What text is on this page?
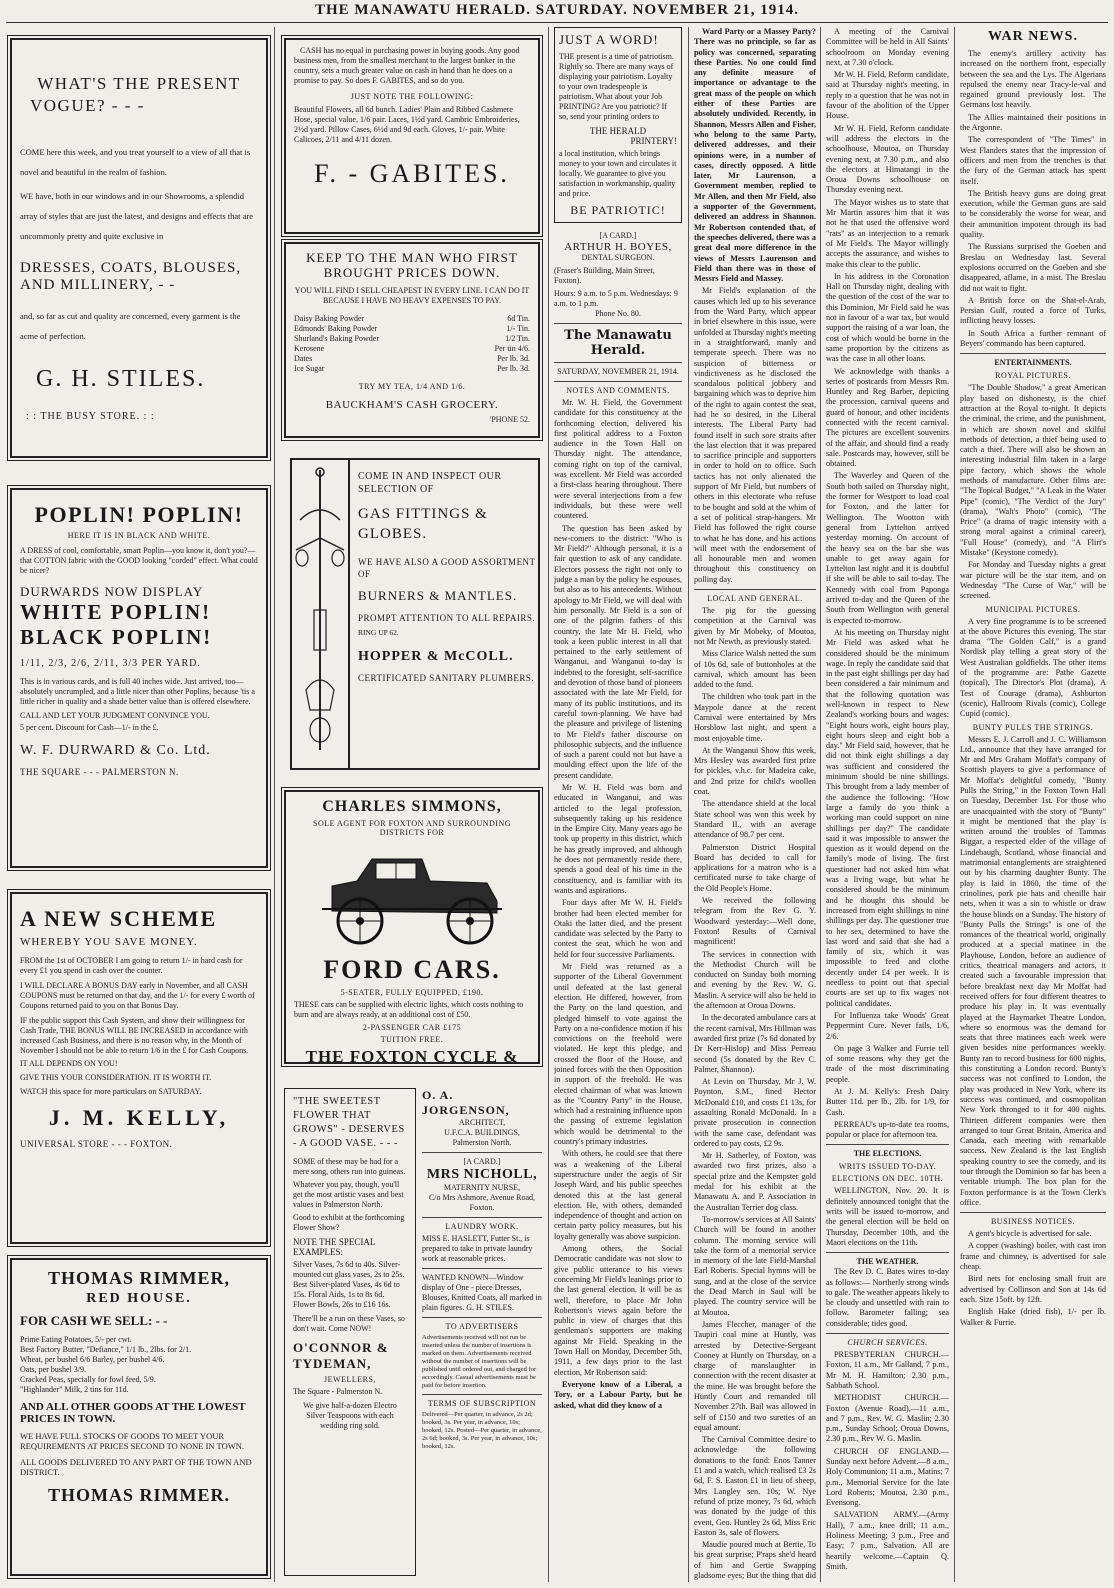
THE MANAWATU HERALD. SATURDAY. NOVEMBER 21, 1914.
WHAT'S THE PRESENT
VOGUE? - - -

COME here this week, and you treat yourself to a view of all that is novel and beautiful in the realm of fashion.

WE have, both in our windows and in our Showrooms, a splendid array of styles that are just the latest, and designs and effects that are uncommonly pretty and quite exclusive in

DRESSES, COATS, BLOUSES, AND MILLINERY, - -

and, so far as cut and quality are concerned, every garment is the acme of perfection.

G. H. STILES.
: : THE BUSY STORE. : :
POPLIN! POPLIN!
HERE IT IS IN BLACK AND WHITE.

A DRESS of cool, comfortable, smart Poplin—you know it, don't you?—that COTTON fabric with the GOOD looking "corded" effect. What could be nicer?

DURWARDS NOW DISPLAY
WHITE POPLIN!
BLACK POPLIN!
1/11, 2/3, 2/6, 2/11, 3/3 PER YARD.

This is in various cards, and is full 40 inches wide. Just arrived, too—absolutely uncrumpled, and a little nicer than other Poplins, because 'tis a little richer in quality and a shade better value than is offered elsewhere.

CALL AND LET YOUR JUDGMENT CONVINCE YOU.

5 per cent. Discount for Cash—1/- in the £.

W. F. DURWARD & Co. Ltd.
THE SQUARE - - - PALMERSTON N.
A NEW SCHEME
WHEREBY YOU SAVE MONEY.

FROM the 1st of OCTOBER I am going to return 1/- in hard cash for every £1 you spend in cash over the counter.

I WILL DECLARE A BONUS DAY early in November, and all CASH COUPONS must be returned on that day, and the 1/- for every £ worth of Coupons returned paid to you on that Bonus Day.

IF the public support this Cash System, and show their willingness for Cash Trade, THE BONUS WILL BE INCREASED in accordance with increased Cash Business, and there is no reason why, in the Month of November I should not be able to return 1/6 in the £ for Cash Coupons.

IT ALL DEPENDS ON YOU!

GIVE THIS YOUR CONSIDERATION. IT IS WORTH IT.

WATCH this space for more particulars on SATURDAY.

J. M. KELLY,
UNIVERSAL STORE - - - FOXTON.
THOMAS RIMMER,
RED HOUSE.
FOR CASH WE SELL: - -
Prime Eating Potatoes, 5/- per cwt.
Best Factory Butter, "Defiance," 1/1 lb., 2lbs. for 2/1.
Wheat, per bushel 6/6 Barley, per bushel 4/6.
Oats, per bushel 3/9.
Cracked Peas, specially for fowl feed, 5/9.
"Highlander" Milk, 2 tins for 11d.
AND ALL OTHER GOODS AT THE LOWEST PRICES IN TOWN.
WE HAVE FULL STOCKS OF GOODS TO MEET YOUR REQUIREMENTS AT PRICES SECOND TO NONE IN TOWN.
ALL GOODS DELIVERED TO ANY PART OF THE TOWN AND DISTRICT.
THOMAS RIMMER.

CASH has no equal in purchasing power in buying goods. Any good business men, from the smallest merchant to the largest banker in the country, sets a much greater value on cash in hand than he does on a promise to pay. So does F. GABITES, and so do you.

JUST NOTE THE FOLLOWING:

Beautiful Flowers, all 6d bunch. Ladies' Plain and Ribbed Cashmere Hose, special value, 1/6 pair. Laces, 1½d yard. Cambric Embroideries, 2½d yard. Pillow Cases, 6½d and 9d each. Gloves, 1/- pair. White Calicoes, 2/11 and 4/11 dozen.

F. - GABITES.
KEEP TO THE MAN WHO FIRST BROUGHT PRICES DOWN.

YOU WILL FIND I SELL CHEAPEST IN EVERY LINE. I CAN DO IT BECAUSE I HAVE NO HEAVY EXPENSES TO PAY.

Daisy Baking Powder	6d Tin.
Edmonds' Baking Powder	1/- Tin.
Shurland's Baking Powder	1/2 Tin.
Kerosene	Per tin 4/6.
Dates	Per lb. 3d.
Ice Sugar	Per lb. 3d.
TRY MY TEA, 1/4 AND 1/6.
BAUCKHAM'S CASH GROCERY.
'PHONE 52.
COME IN AND INSPECT OUR SELECTION OF
GAS FITTINGS & GLOBES.
WE HAVE ALSO A GOOD ASSORTMENT OF
BURNERS & MANTLES.
PROMPT ATTENTION TO ALL REPAIRS.
RING UP 62.
HOPPER & McCOLL.
CERTIFICATED SANITARY PLUMBERS.
CHARLES SIMMONS,
SOLE AGENT FOR FOXTON AND SURROUNDING DISTRICTS FOR
FORD CARS.
5-SEATER, FULLY EQUIPPED, £190.

THESE cars can be supplied with electric lights, which costs nothing to burn and are always ready, at an additional cost of £50.

2-PASSENGER CAR £175
TUITION FREE.
THE FOXTON CYCLE &

"THE SWEETEST FLOWER THAT GROWS" - DESERVES - A GOOD VASE. - - -

SOME of these may be had for a mere song, others run into guineas.

Whatever you pay, though, you'll get the most artistic vases and best values in Palmerston North.

Good to exhibit at the forthcoming Flower Show?

NOTE THE SPECIAL EXAMPLES:

Silver Vases, 7s 6d to 40s. Silver-mounted cut glass vases, 2s to 25s. Best Silver-plated Vases, 4s 6d to 15s. Floral Aids, 1s to 8s 6d. Flower Bowls, 26s to £16 16s.

There'll be a run on these Vases, so don't wait. Come NOW!

O'CONNOR & TYDEMAN,
JEWELLERS,
The Square - Palmerston N.

We give half-a-dozen Electro Silver Teaspoons with each wedding ring sold.

O. A. JORGENSON,
ARCHITECT,
U.F.C.A. BUILDINGS,
Palmerston North.
[A CARD.]
MRS NICHOLL,
MATERNITY NURSE,
C/o Mrs Ashmore, Avenue Road, Foxton.
LAUNDRY WORK.

MISS E. HASLETT, Futter St., is prepared to take in private laundry work at reasonable prices.

WANTED KNOWN—Window display of One - piece Dresses, Blouses, Knitted Coats, all marked in plain figures. G. H. STILES.

TO ADVERTISERS

Advertisements received will not run be inserted unless the number of insertions is marked on them. Advertisements received without the number of insertions will be published until ordered out, and charged for accordingly. Casual advertisements must be paid for before insertion.

TERMS OF SUBSCRIPTION

Delivered—Per quarter, in advance, 2s 2d; booked, 3s. Per year, in advance, 10s; booked, 12s. Posted—Per quarter, in advance, 2s 6d; booked, 3s. Per year, in advance, 10s; booked, 12s.

JUST A WORD!

THE present is a time of patriotism. Rightly so. There are many ways of displaying your patriotism. Loyalty to your own tradespeople is patriotism. What about your Job PRINTING? Are you patriotic? If so, send your printing orders to

THE HERALD
PRINTERY!

a local institution, which brings money to your town and circulates it locally. We guarantee to give you satisfaction in workmanship, quality and price.

BE PATRIOTIC!
[A CARD.]
ARTHUR H. BOYES,
DENTAL SURGEON.
(Fraser's Building, Main Street, Foxton).
Hours: 9 a.m. to 5 p.m. Wednesdays: 9 a.m. to 1 p.m.
Phone No. 80.
The Manawatu Herald.
SATURDAY, NOVEMBER 21, 1914.
NOTES AND COMMENTS.

Mr. W. H. Field, the Government candidate for this constituency at the forthcoming election, delivered his first political address to a Foxton audience in the Town Hall on Thursday night. The attendance, coming right on top of the carnival, was excellent. Mr Field was accorded a first-class hearing throughout. There were several interjections from a few individuals, but these were well countered.

The question has been asked by new-comers to the district: "Who is Mr Field?" Although personal, it is a fair question to ask of any candidate. Electors possess the right not only to judge a man by the policy he espouses, but also as to his antecedents. Without apology to Mr Field, we will deal with him personally. Mr Field is a son of one of the pilgrim fathers of this country, the late Mr H. Field, who took a keen public interest in all that pertained to the early settlement of Wanganui, and Wanganui to-day is indebted to the foresight, self-sacrifice and devotion of those band of pioneers associated with the late Mr Field, for many of its public institutions, and its careful town-planning. We have had the pleasure and privilege of listening to Mr Field's father discourse on philosophic subjects, and the influence of such a parent could not but have a moulding effect upon the life of the present candidate.

Mr W. H. Field was born and educated in Wanganui, and was articled to the legal profession, subsequently taking up his residence in the Empire City. Many years ago he took up property in this district, which he has greatly improved, and although he does not permanently reside there, spends a good deal of his time in the constituency, and is familiar with its wants and aspirations.

Four days after Mr W. H. Field's brother had been elected member for Otaki the latter died, and the present candidate was selected by the Party to contest the seat, which he won and held for four successive Parliaments.

Mr Field was returned as a supporter of the Liberal Government until defeated at the last general election. He differed, however, from the Party on the land question, and pledged himself to vote against the Party on a no-confidence motion if his convictions on the freehold were violated. He kept this pledge, and crossed the floor of the House, and joined forces with the then Opposition in support of the freehold. He was elected chairman of what was known as the "Country Party" in the House, which had a restraining influence upon the passing of extreme legislation which would be detrimental to the country's primary industries.

With others, he could see that there was a weakening of the Liberal superstructure under the aegis of Sir Joseph Ward, and his public speeches denoted this at the last general election. He, with others, demanded independence of thought and action on certain party policy measures, but his loyalty generally was above suspicion.

Among others, the Social Democratic candidate was not slow to give public utterance to his views concerning Mr Field's leanings prior to the last general election. It will be as well, therefore, to place Mr John Robertson's views again before the public in view of charges that this gentleman's supporters are making against Mr Field. Speaking in the Town Hall on Monday, December 5th, 1911, a few days prior to the last election, Mr Robertson said:

Everyone know of a Liberal, a Tory, or a Labour Party, but he asked, what did they know of a

Ward Party or a Massey Party? There was no principle, so far as policy was concerned, separating these Parties. No one could find any definite measure of importance or advantage to the great mass of the people on which either of these Parties are absolutely undivided. Recently, in Shannon, Messrs Allen and Fisher, who belong to the same Party, delivered addresses, and their opinions were, in a number of cases, directly opposed. A little later, Mr Laurenson, a Government member, replied to Mr Allen, and then Mr Field, also a supporter of the Government, delivered an address in Shannon. Mr Robertson contended that, of the speeches delivered, there was a great deal more difference in the views of Messrs Laurenson and Field than there was in those of Messrs Field and Massey.

Mr Field's explanation of the causes which led up to his severance from the Ward Party, which appear in brief elsewhere in this issue, were unfolded at Thursday night's meeting in a straightforward, manly and temperate speech. There was no suspicion of bitterness or vindictiveness as he disclosed the scandalous political jobbery and bargaining which was to deprive him of the right to again contest the seat, had he so desired, in the Liberal interests. The Liberal Party had found itself in such sore straits after the last election that it was prepared to sacrifice principle and supporters in order to hold on to office. Such tactics has not only alienated the support of Mr Field, but numbers of others in this electorate who refuse to be bought and sold at the whim of a set of political strap-hangers. Mr Field has followed the right course to what he has done, and his actions will meet with the endorsement of all honourable men and women throughout this constituency on polling day.

LOCAL AND GENERAL.

The pig for the guessing competition at the Carnival was given by Mr Mobeky, of Moutoa, not Mr Newth, as previously stated.

Miss Clarice Walsh netted the sum of 10s 6d, sale of buttonholes at the carnival, which amount has been added to the fund.

The children who took part in the Maypole dance at the recent Carnival were entertained by Mrs Horsblow last night, and spent a most enjoyable time.

At the Wanganui Show this week, Mrs Hesley was awarded first prize for pickles, v.h.c. for Madeira cake, and 2nd prize for child's woollen coat.

The attendance shield at the local State school was won this week by Standard II., with an average attendance of 98.7 per cent.

Palmerston District Hospital Board has decided to call for applications for a matron who is a certificated nurse to take charge of the Old People's Home.

We received the following telegram from the Rev G. Y. Woodward yesterday:—Well done, Foxton! Results of Carnival magnificent!

The services in connection with the Methodist Church will be conducted on Sunday both morning and evening by the Rev. W. G. Maslin. A service will also be held in the afternoon at Oroua Downs.

In the decorated ambulance cars at the recent carnival, Mrs Hillman was awarded first prize (7s 6d donated by Dr Kerr-Hislop) and Miss Perreau second (5s donated by the Rev C. Palmer, Shannon).

At Levin on Thursday, Mr J. W. Poynton, S.M., fined Hector McDonald £10, and costs £1 13s, for assaulting Ronald McDonald. In a private prosecution in connection with the same case, defendant was ordered to pay costs, £2 9s.

Mr H. Satherley, of Foxton, was awarded two first prizes, also a special prize and the Kempster gold medal for his exhibit at the Manawatu A. and P. Association in the Australian Terrier dog class.

To-morrow's services at All Saints' Church will be found in another column. The morning service will take the form of a memorial service in memory of the late Field-Marshal Earl Roberts. Special hymns will be sung, and at the close of the service the Dead March in Saul will be played. The country service will be at Moutoa.

James Fleccher, manager of the Taupiri coal mine at Huntly, was arrested by Detective-Sergeant Cooney at Huntly on Thursday, on a charge of manslaughter in connection with the recent disaster at the mine. He was brought before the Huntly Court and remanded till November 27th. Bail was allowed in self of £150 and two sureties of an equal amount.

The Carnival Committee desire to acknowledge the following donations to the fund: Enos Tanner £1 and a watch, which realised £3 2s 6d, F. S. Easton £1 in lieu of sheep, Mrs Langley sen. 10s; W. Nye refund of prize money, 7s 6d, which was donated by the judge of this event, Geo. Huntley 2s 6d, Miss Eric Easton 3s, sale of flowers.

Maudie poured much at Bertie, To his great surprise; P'raps she'd heard of him and Gertie Swapping gladsome eyes; But the thing that did

A meeting of the Carnival Committee will be held in All Saints' schoolroom on Monday evening next, at 7.30 o'clock.

Mr W. H. Field, Reform candidate, said at Thursday night's meeting, in reply to a question that he was not in favour of the abolition of the Upper House.

Mr W. H. Field, Reform candidate will address the electors in the schoolhouse, Moutoa, on Thursday evening next, at 7.30 p.m., and also the electors at Himatangi in the Oroua Downs schoolhouse on Thursday evening next.

The Mayor wishes us to state that Mr Martin assures him that it was not he that used the offensive word "rats" as an interjection to a remark of Mr Field's. The Mayor willingly accepts the assurance, and wishes to make this clear to the public.

In his address in the Coronation Hall on Thursday night, dealing with the question of the cost of the war to this Dominion, Mr Field said he was not in favour of a war tax, but would support the raising of a war loan, the cost of which would be borne in the same proportion by the citizens as was the case in all other loans.

We acknowledge with thanks a series of postcards from Messrs Rm. Huntley and Reg Barber, depicting the procession, carnival queens and guard of honour, and other incidents connected with the recent carnival. The pictures are excellent souvenirs of the affair, and should find a ready sale. Postcards may, however, still be obtained.

The Waverley and Queen of the South both sailed on Thursday night, the former for Westport to load coal for Foxton, and the latter for Wellington. The Wootton with general from Lyttelton arrived yesterday morning. On account of the heavy sea on the bar she was unable to get away again for Lyttelton last night and it is doubtful if she will be able to sail to-day. The Kennedy with coal from Paponga arrived to-day and the Queen of the South from Wellington with general is expected to-morrow.

At his meeting on Thursday night Mr Field was asked what he considered should be the minimum wage. In reply the candidate said that in the past eight shillings per day had been considered a fair minimum and that the following quotation was well-known in respect to New Zealand's working hours and wages: "Eight hours work, eight hours play, eight hours sleep and eight bob a day." Mr Field said, however, that he did not think eight shillings a day was sufficient and considered the minimum should be nine shillings. This brought from a lady member of the audience the following: "How large a family do you think a working man could support on nine shillings per day?" The candidate said it was impossible to answer the question as it would depend on the family's mode of living. The first questioner had not asked him what was a living wage, but what he considered should be the minimum and he thought this should be increased from eight shillings to nine shillings per day. The questioner true to her sex, determined to have the last word and said that she had a family of six, which it was impossible to feed and clothe decently under £4 per week. It is needless to point out that special courts are set up to fix wages not political candidates.

For Influenza take Woods' Great Peppermint Cure. Never fails, 1/6, 2/6.

On page 3 Walker and Furrie tell of some reasons why they get the trade of the most discriminating people.

At J. M. Kelly's: Fresh Dairy Butter 11d. per lb., 2lb. for 1/9, for Cash.

PERREAU's up-to-date tea rooms, popular or place for afternoon tea.

THE ELECTIONS.
WRITS ISSUED TO-DAY.
ELECTIONS ON DEC. 10TH.

WELLINGTON, Nov. 20. It is definitely announced tonight that the writs will be issued to-morrow, and the general election will be held on Thursday, December 10th, and the Maori elections on the 11th.

THE WEATHER.

The Rev D. C. Bates wires to-day as follows:— Northerly strong winds to gale. The weather appears likely to be cloudy and unsettled with rain to follow. Barometer falling; sea considerable; tides good.

CHURCH SERVICES.

PRESBYTERIAN CHURCH.—Foxton, 11 a.m., Mr Galland, 7 p.m., Mr M. H. Hamilton; 2.30 p.m., Sabbath School.

METHODIST CHURCH.—Foxton (Avenue Road),—11 a.m., and 7 p.m., Rev. W. G. Maslin; 2.30 p.m., Sunday School; Oroua Downs, 2.30 p.m., Rev W. G. Maslin.

CHURCH OF ENGLAND.—Sunday next before Advent.—8 a.m., Holy Communion; 11 a.m., Matins; 7 p.m., Memorial Service for the late Lord Roberts; Moutoa, 2.30 p.m., Evensong.

SALVATION ARMY.—(Army Hall), 7 a.m., knee drill; 11 a.m., Holiness Meeting; 3 p.m., Free and Easy; 7 p.m., Salvation. All are heartily welcome.—Captain Q. Smith.

WAR NEWS.

The enemy's artillery activity has increased on the northern front, especially between the sea and the Lys. The Algerians repulsed the enemy near Tracy-le-val and regained ground previously lost. The Germans lost heavily.

The Allies maintained their positions in the Argonne.

The correspondent of "The Times" in West Flanders states that the impression of officers and men from the trenches is that the fury of the German attack has spent itself.

The British heavy guns are doing great execution, while the German guns are said to be considerably the worse for wear, and their ammunition impotent through its bad quality.

The Russians surprised the Goeben and Breslau on Wednesday last. Several explosions occurred on the Goeben and she disappeared, aflame, in a mist. The Breslau did not wait to fight.

A British force on the Shat-el-Arab, Persian Gulf, routed a force of Turks, inflicting heavy losses.

In South Africa a further remnant of Beyers' commando has been captured.

ENTERTAINMENTS.
ROYAL PICTURES.

"The Double Shadow," a great American play based on dishonesty, is the chief attraction at the Royal to-night. It depicts the criminal, the crime, and the punishment, in which are shown novel and skilful methods of detection, a thief being used to catch a thief. There will also be shown an interesting industrial film taken in a large pipe factory, which shows the whole methods of manufacture. Other films are: "The Topical Budget," "A Leak in the Water Pipe" (comic), "The Verdict of the Jury" (drama), "Walt's Photo" (comic), "The Price" (a drama of tragic intensity with a strong moral against a criminal career), "Full House" (comedy), and "A Flirt's Mistake" (Keystone comedy).

For Monday and Tuesday nights a great war picture will be the star item, and on Wednesday "The Curse of War," will be screened.

MUNICIPAL PICTURES.

A very fine programme is to be screened at the above Pictures this evening. The star drama "The Golden Calf," is a grand Nordisk play telling a great story of the West Australian goldfields. The other items of the programme are: Pathe Gazette (topical), The Director's Plot (drama), A Test of Courage (drama), Ashburton (scenic), Hallroom Rivals (comic), College Cupid (comic).

BUNTY PULLS THE STRINGS.

Messrs E. J. Carroll and J. C. Williamson Ltd., announce that they have arranged for Mr and Mrs Graham Moffat's company of Scottish players to give a performance of Mr Moffat's delightful comedy, "Bunty Pulls the String," in the Foxton Town Hall on Tuesday, December 1st. For those who are unacquainted with the story of "Bunty" it might be mentioned that the play is written around the troubles of Tammas Biggar, a respected elder of the village of Lindebaugh, Scotland, whose financial and matrimonial entanglements are straightened out by his charming daughter Bunty. The play is laid in 1860, the time of the crinolines, pork pie hats and chenille hair nets, when it was a sin to whistle or draw the house blinds on a Sunday. The history of "Bunty Pulls the Strings" is one of the romances of the theatrical world, originally produced at a special matinee in the Playhouse, London, before an audience of critics, theatrical managers and actors, it created such a favourable impression that before breakfast next day Mr Moffat had received offers for four different theatres to produce his play in. It was eventually played at the Haymarket Theatre London, where so enormous was the demand for seats that three matinees each week were given besides nine performances weekly. Bunty ran to record business for 600 nights, this constituting a London record. Bunty's success was not confined to London, the play was produced in New York, where its success was continued, and cosmopolitan New York thronged to it for 400 nights. Thirteen different companies were then arranged to tour Great Britain, America and Canada, each meeting with remarkable success. New Zealand is the last English speaking country to see the comedy, and its tour through the Dominion so far has been a veritable triumph. The box plan for the Foxton performance is at the Town Clerk's office.

BUSINESS NOTICES.

A gent's bicycle is advertised for sale.

A copper (washing) boiler, with cast iron frame and chimney, is advertised for sale cheap.

Bird nets for enclosing small fruit are advertised by Collinson and Son at 14s 6d each. Size 15oft. by 12ft.

English Hake (dried fish), 1/- per lb. Walker & Furrie.
